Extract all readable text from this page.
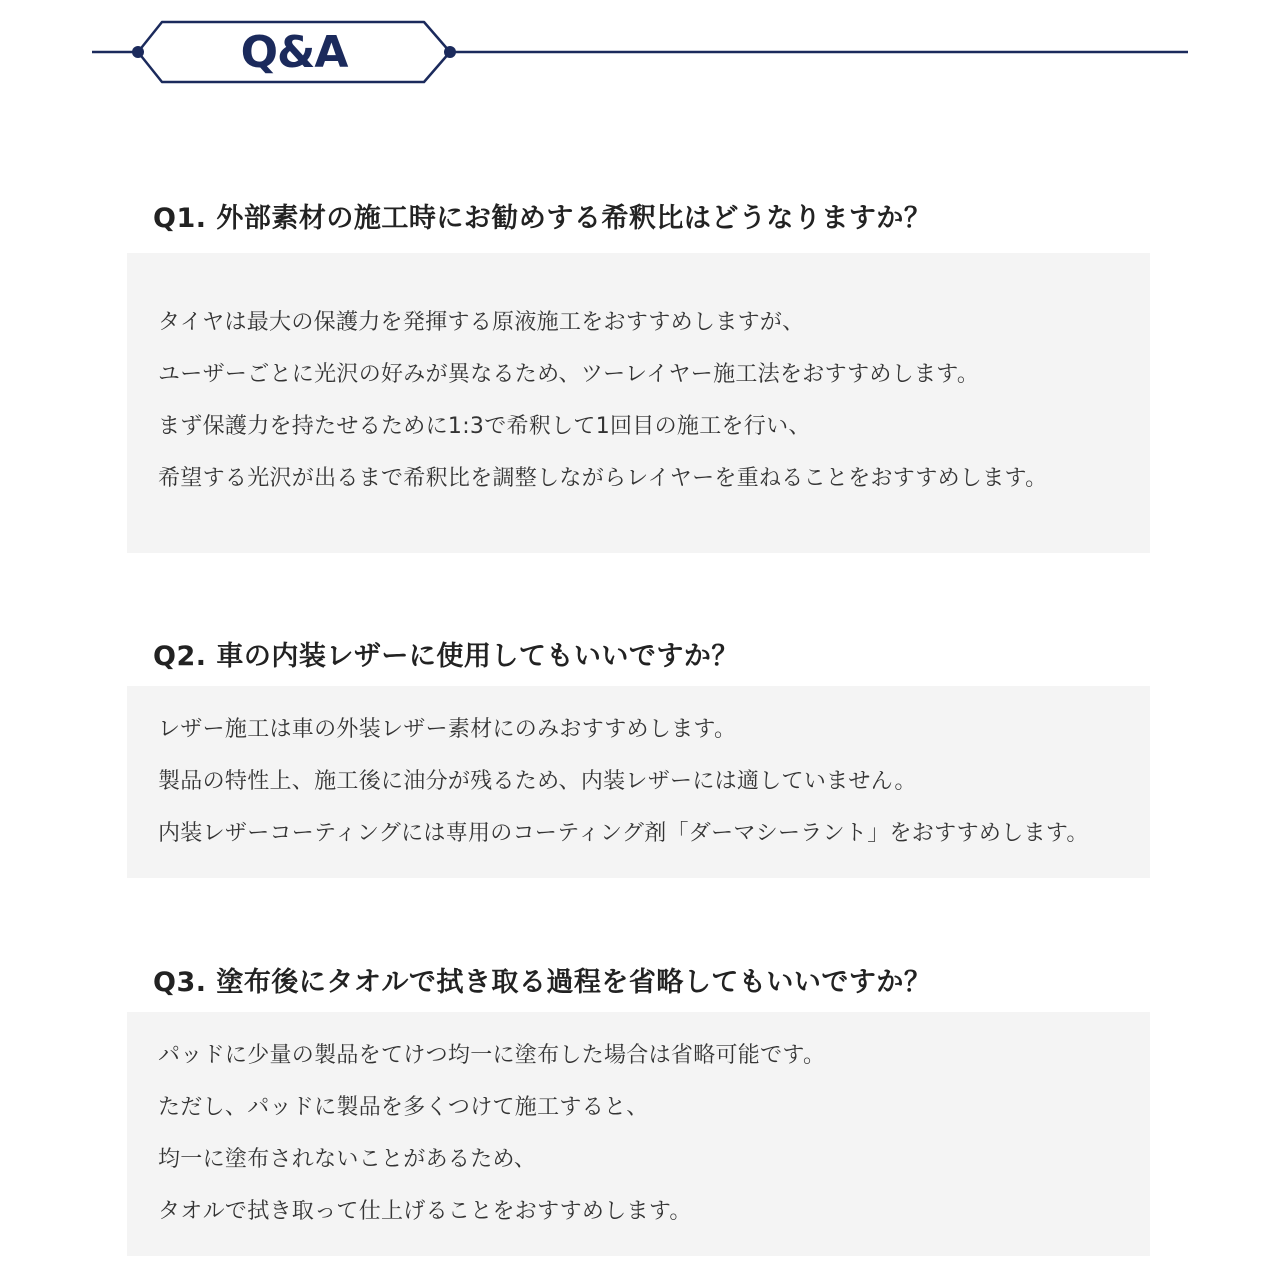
Q&A
Q1. 外部素材の施工時にお勧めする希釈比はどうなりますか？
タイヤは最大の保護力を発揮する原液施工をおすすめしますが、
ユーザーごとに光沢の好みが異なるため、ツーレイヤー施工法をおすすめします。
まず保護力を持たせるために1:3で希釈して1回目の施工を行い、
希望する光沢が出るまで希釈比を調整しながらレイヤーを重ねることをおすすめします。
Q2. 車の内装レザーに使用してもいいですか？
レザー施工は車の外装レザー素材にのみおすすめします。
製品の特性上、施工後に油分が残るため、内装レザーには適していません。
内装レザーコーティングには専用のコーティング剤「ダーマシーラント」をおすすめします。
Q3. 塗布後にタオルで拭き取る過程を省略してもいいですか？
パッドに少量の製品をてけつ均一に塗布した場合は省略可能です。
ただし、パッドに製品を多くつけて施工すると、
均一に塗布されないことがあるため、
タオルで拭き取って仕上げることをおすすめします。
